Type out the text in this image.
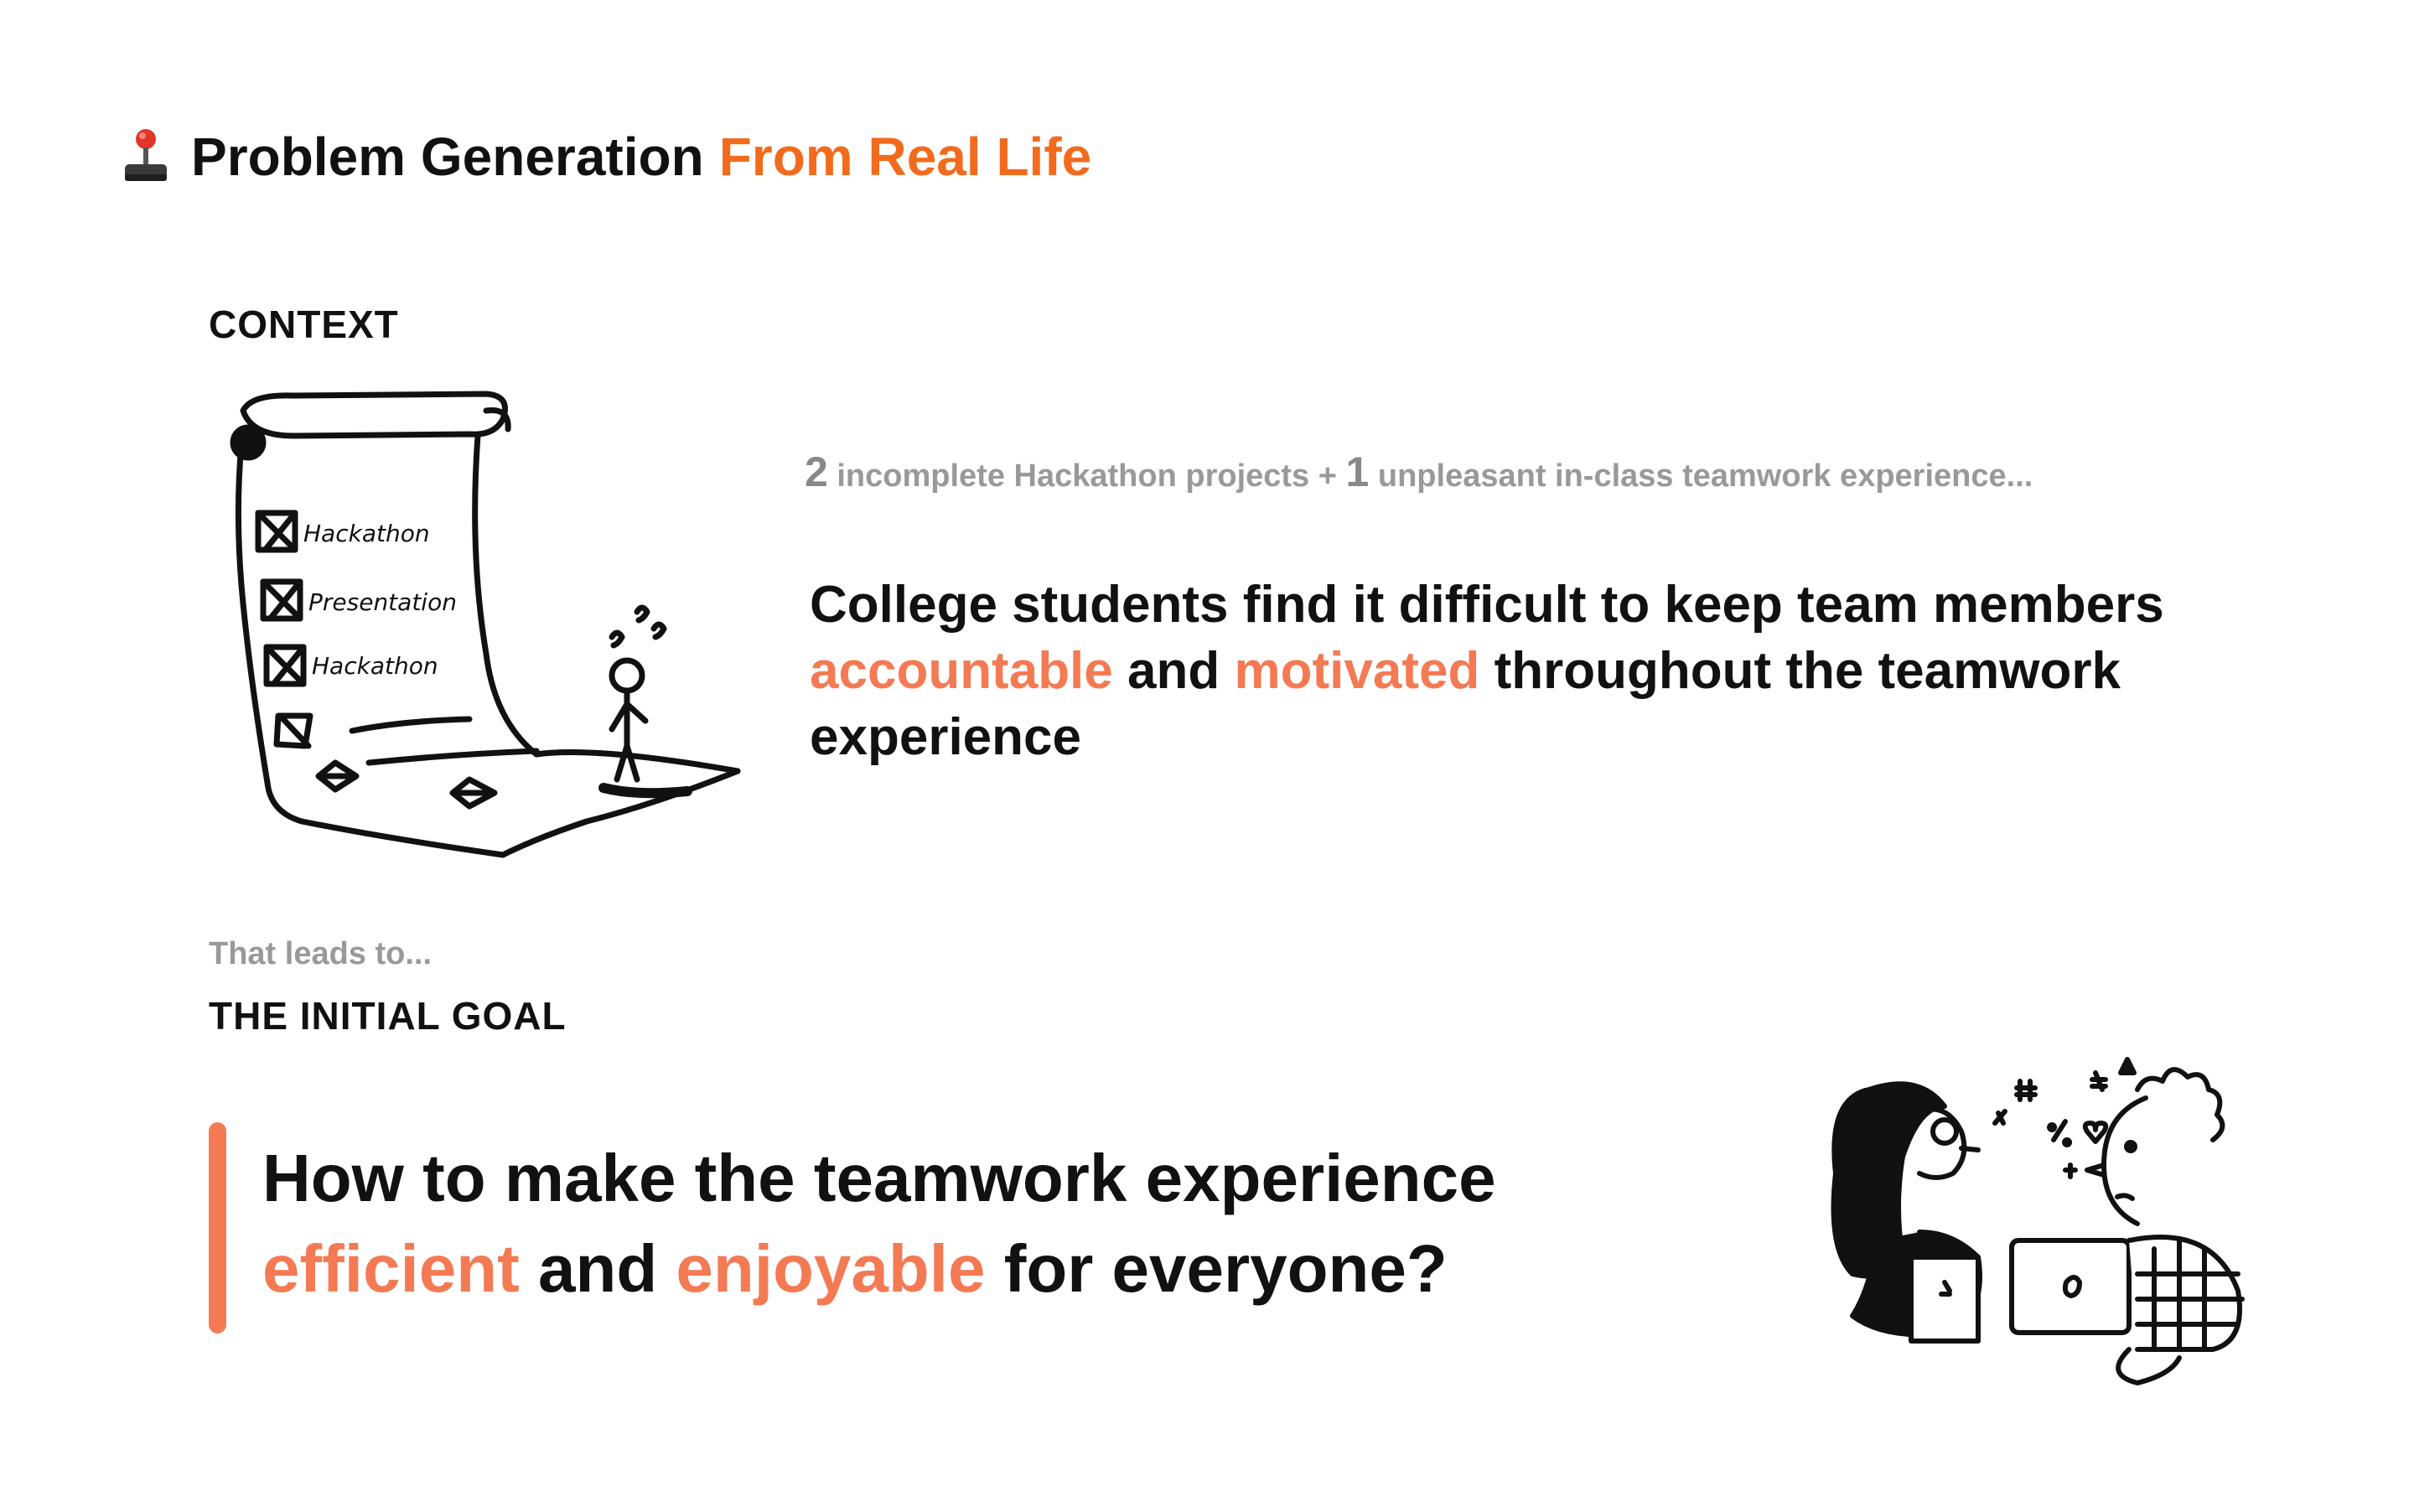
Problem Generation From Real Life
CONTEXT
Hackathon
Presentation
Hackathon
2 incomplete Hackathon projects + 1 unpleasant in-class teamwork experience...
College students find it difficult to keep team members accountable and motivated throughout the teamwork experience
That leads to...
THE INITIAL GOAL
How to make the teamwork experience
efficient and enjoyable for everyone?
